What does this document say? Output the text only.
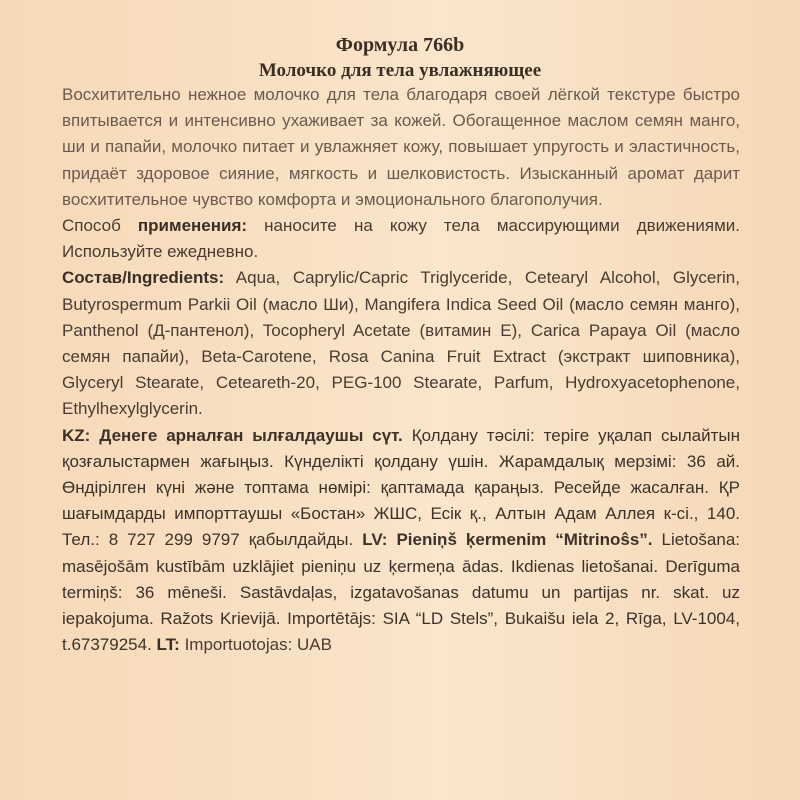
Формула 766b
Молочко для тела увлажняющее

Восхитительно нежное молочко для тела благодаря своей лёгкой текстуре быстро впитывается и интенсивно ухаживает за кожей. Обогащенное маслом семян манго, ши и папайи, молочко питает и увлажняет кожу, повышает упругость и эластичность, придаёт здоровое сияние, мягкость и шелковистость. Изысканный аромат дарит восхитительное чувство комфорта и эмоционального благополучия.

Способ применения: наносите на кожу тела массирующими движениями. Используйте ежедневно.

Состав/Ingredients: Aqua, Caprylic/Capric Triglyceride, Cetearyl Alcohol, Glycerin, Butyrospermum Parkii Oil (масло Ши), Mangifera Indica Seed Oil (масло семян манго), Panthenol (Д-пантенол), Tocopheryl Acetate (витамин Е), Carica Papaya Oil (масло семян папайи), Beta-Carotene, Rosa Canina Fruit Extract (экстракт шиповника), Glyceryl Stearate, Ceteareth-20, PEG-100 Stearate, Parfum, Hydroxyacetophenone, Ethylhexylglycerin.

KZ: Денеге арналған ылғалдаушы сүт. Қолдану тәсілі: теріге уқалап сылайтын қозғалыстармен жағыңыз. Күнделікті қолдану үшін. Жарамдалық мерзімі: 36 ай. Өндірілген күні және топтама нөмірі: қаптамада қараңыз. Ресейде жасалған. ҚР шағымдарды импорттаушы «Бостан» ЖШС, Есік қ., Алтын Адам Аллея к-сі., 140. Тел.: 8 727 299 9797 қабылдайды. LV: Pieniņš ķermenim “Mitrinoŝs”. Lietošana: masējošām kustībām uzklājiet pieniņu uz ķermeņa ādas. Ikdienas lietošanai. Derīguma termiņš: 36 mēneši. Sastāvdaļas, izgatavošanas datumu un partijas nr. skat. uz iepakojuma. Ražots Krievijā. Importētājs: SIA “LD Stels”, Bukaišu iela 2, Rīga, LV-1004, t.67379254. LT: Importuotojas: UAB
